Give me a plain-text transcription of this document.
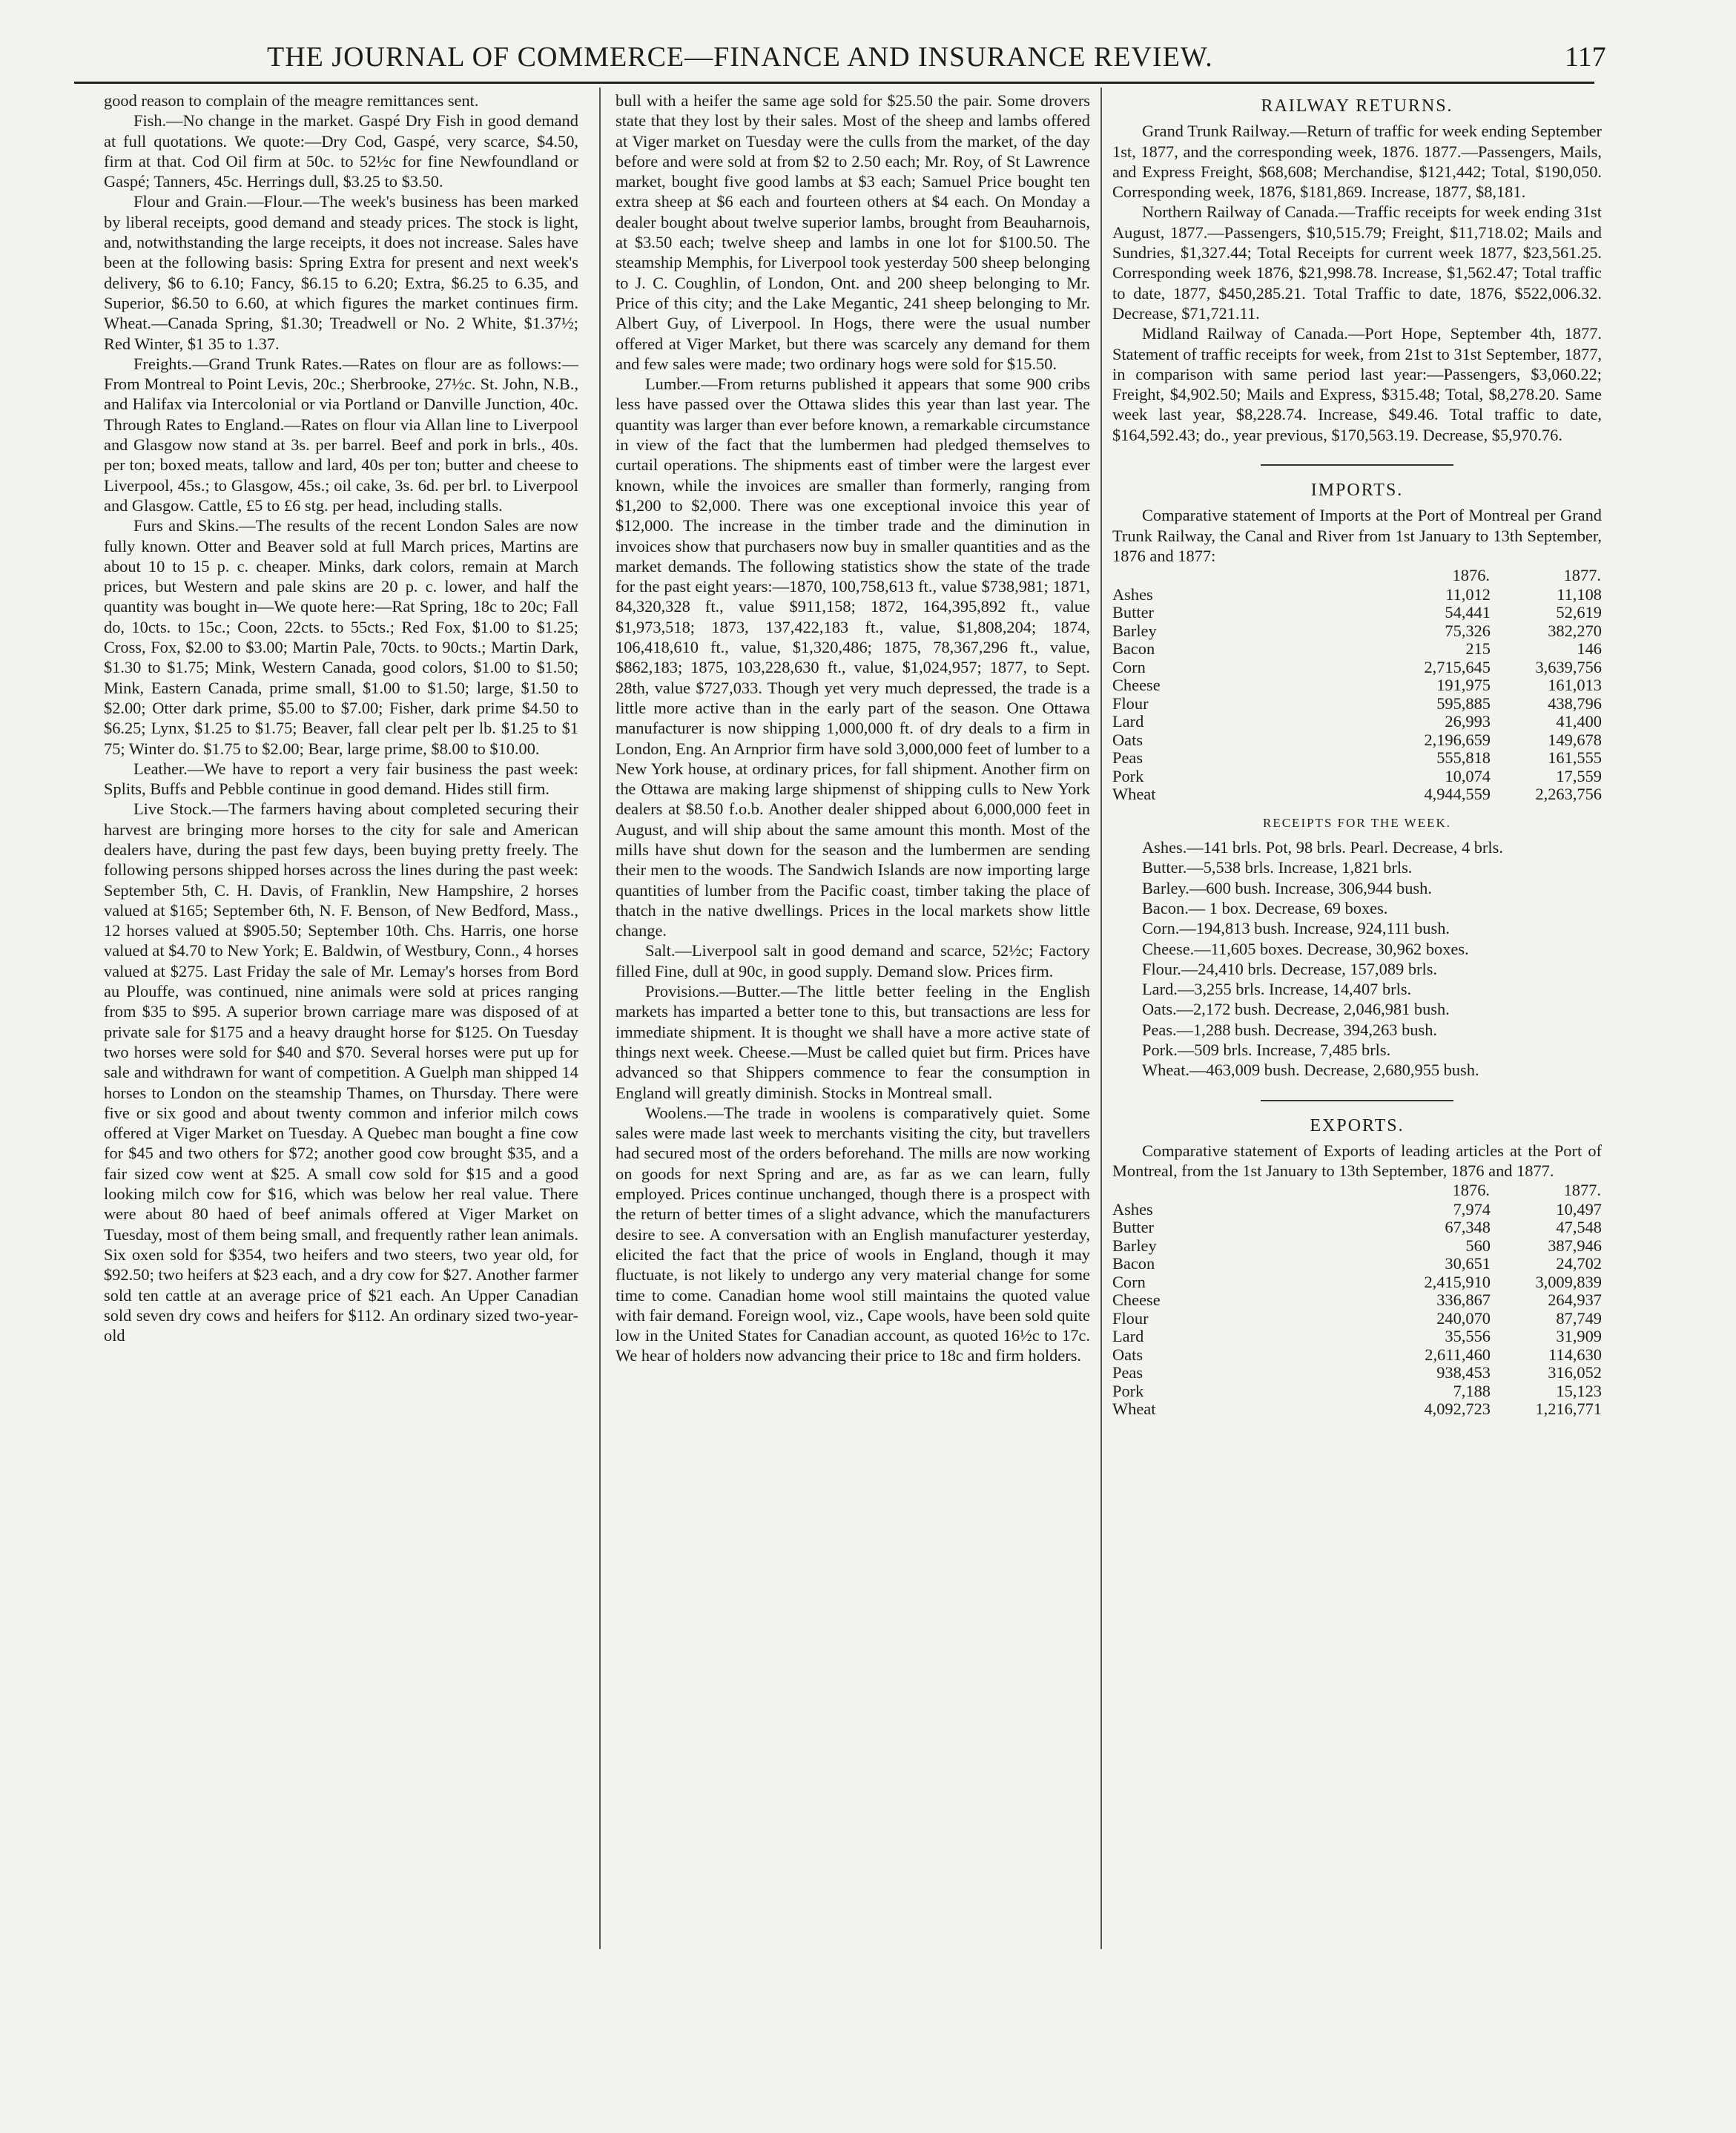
THE JOURNAL OF COMMERCE—FINANCE AND INSURANCE REVIEW.	117

good reason to complain of the meagre remittances sent.

Fish.—No change in the market. Gaspé Dry Fish in good demand at full quotations. We quote:—Dry Cod, Gaspé, very scarce, $4.50, firm at that. Cod Oil firm at 50c. to 52½c for fine Newfoundland or Gaspé; Tanners, 45c. Herrings dull, $3.25 to $3.50.

Flour and Grain.—Flour.—The week's business has been marked by liberal receipts, good demand and steady prices. The stock is light, and, notwithstanding the large receipts, it does not increase. Sales have been at the following basis: Spring Extra for present and next week's delivery, $6 to 6.10; Fancy, $6.15 to 6.20; Extra, $6.25 to 6.35, and Superior, $6.50 to 6.60, at which figures the market continues firm. Wheat.—Canada Spring, $1.30; Treadwell or No. 2 White, $1.37½; Red Winter, $1 35 to 1.37.

Freights.—Grand Trunk Rates.—Rates on flour are as follows:—From Montreal to Point Levis, 20c.; Sherbrooke, 27½c. St. John, N.B., and Halifax via Intercolonial or via Portland or Danville Junction, 40c. Through Rates to England.—Rates on flour via Allan line to Liverpool and Glasgow now stand at 3s. per barrel. Beef and pork in brls., 40s. per ton; boxed meats, tallow and lard, 40s per ton; butter and cheese to Liverpool, 45s.; to Glasgow, 45s.; oil cake, 3s. 6d. per brl. to Liverpool and Glasgow. Cattle, £5 to £6 stg. per head, including stalls.

Furs and Skins.—The results of the recent London Sales are now fully known. Otter and Beaver sold at full March prices, Martins are about 10 to 15 p. c. cheaper. Minks, dark colors, remain at March prices, but Western and pale skins are 20 p. c. lower, and half the quantity was bought in—We quote here:—Rat Spring, 18c to 20c; Fall do, 10cts. to 15c.; Coon, 22cts. to 55cts.; Red Fox, $1.00 to $1.25; Cross, Fox, $2.00 to $3.00; Martin Pale, 70cts. to 90cts.; Martin Dark, $1.30 to $1.75; Mink, Western Canada, good colors, $1.00 to $1.50; Mink, Eastern Canada, prime small, $1.00 to $1.50; large, $1.50 to $2.00; Otter dark prime, $5.00 to $7.00; Fisher, dark prime $4.50 to $6.25; Lynx, $1.25 to $1.75; Beaver, fall clear pelt per lb. $1.25 to $1 75; Winter do. $1.75 to $2.00; Bear, large prime, $8.00 to $10.00.

Leather.—We have to report a very fair business the past week: Splits, Buffs and Pebble continue in good demand. Hides still firm.

Live Stock.—The farmers having about completed securing their harvest are bringing more horses to the city for sale and American dealers have, during the past few days, been buying pretty freely. The following persons shipped horses across the lines during the past week: September 5th, C. H. Davis, of Franklin, New Hampshire, 2 horses valued at $165; September 6th, N. F. Benson, of New Bedford, Mass., 12 horses valued at $905.50; September 10th. Chs. Harris, one horse valued at $4.70 to New York; E. Baldwin, of Westbury, Conn., 4 horses valued at $275. Last Friday the sale of Mr. Lemay's horses from Bord au Plouffe, was continued, nine animals were sold at prices ranging from $35 to $95. A superior brown carriage mare was disposed of at private sale for $175 and a heavy draught horse for $125. On Tuesday two horses were sold for $40 and $70. Several horses were put up for sale and withdrawn for want of competition. A Guelph man shipped 14 horses to London on the steamship Thames, on Thursday. There were five or six good and about twenty common and inferior milch cows offered at Viger Market on Tuesday. A Quebec man bought a fine cow for $45 and two others for $72; another good cow brought $35, and a fair sized cow went at $25. A small cow sold for $15 and a good looking milch cow for $16, which was below her real value. There were about 80 haed of beef animals offered at Viger Market on Tuesday, most of them being small, and frequently rather lean animals. Six oxen sold for $354, two heifers and two steers, two year old, for $92.50; two heifers at $23 each, and a dry cow for $27. Another farmer sold ten cattle at an average price of $21 each. An Upper Canadian sold seven dry cows and heifers for $112. An ordinary sized two-year-old

bull with a heifer the same age sold for $25.50 the pair. Some drovers state that they lost by their sales. Most of the sheep and lambs offered at Viger market on Tuesday were the culls from the market, of the day before and were sold at from $2 to 2.50 each; Mr. Roy, of St Lawrence market, bought five good lambs at $3 each; Samuel Price bought ten extra sheep at $6 each and fourteen others at $4 each. On Monday a dealer bought about twelve superior lambs, brought from Beauharnois, at $3.50 each; twelve sheep and lambs in one lot for $100.50. The steamship Memphis, for Liverpool took yesterday 500 sheep belonging to J. C. Coughlin, of London, Ont. and 200 sheep belonging to Mr. Price of this city; and the Lake Megantic, 241 sheep belonging to Mr. Albert Guy, of Liverpool. In Hogs, there were the usual number offered at Viger Market, but there was scarcely any demand for them and few sales were made; two ordinary hogs were sold for $15.50.

Lumber.—From returns published it appears that some 900 cribs less have passed over the Ottawa slides this year than last year. The quantity was larger than ever before known, a remarkable circumstance in view of the fact that the lumbermen had pledged themselves to curtail operations. The shipments east of timber were the largest ever known, while the invoices are smaller than formerly, ranging from $1,200 to $2,000. There was one exceptional invoice this year of $12,000. The increase in the timber trade and the diminution in invoices show that purchasers now buy in smaller quantities and as the market demands. The following statistics show the state of the trade for the past eight years:—1870, 100,758,613 ft., value $738,981; 1871, 84,320,328 ft., value $911,158; 1872, 164,395,892 ft., value $1,973,518; 1873, 137,422,183 ft., value, $1,808,204; 1874, 106,418,610 ft., value, $1,320,486; 1875, 78,367,296 ft., value, $862,183; 1875, 103,228,630 ft., value, $1,024,957; 1877, to Sept. 28th, value $727,033. Though yet very much depressed, the trade is a little more active than in the early part of the season. One Ottawa manufacturer is now shipping 1,000,000 ft. of dry deals to a firm in London, Eng. An Arnprior firm have sold 3,000,000 feet of lumber to a New York house, at ordinary prices, for fall shipment. Another firm on the Ottawa are making large shipmenst of shipping culls to New York dealers at $8.50 f.o.b. Another dealer shipped about 6,000,000 feet in August, and will ship about the same amount this month. Most of the mills have shut down for the season and the lumbermen are sending their men to the woods. The Sandwich Islands are now importing large quantities of lumber from the Pacific coast, timber taking the place of thatch in the native dwellings. Prices in the local markets show little change.

Salt.—Liverpool salt in good demand and scarce, 52½c; Factory filled Fine, dull at 90c, in good supply. Demand slow. Prices firm.

Provisions.—Butter.—The little better feeling in the English markets has imparted a better tone to this, but transactions are less for immediate shipment. It is thought we shall have a more active state of things next week. Cheese.—Must be called quiet but firm. Prices have advanced so that Shippers commence to fear the consumption in England will greatly diminish. Stocks in Montreal small.

Woolens.—The trade in woolens is comparatively quiet. Some sales were made last week to merchants visiting the city, but travellers had secured most of the orders beforehand. The mills are now working on goods for next Spring and are, as far as we can learn, fully employed. Prices continue unchanged, though there is a prospect with the return of better times of a slight advance, which the manufacturers desire to see. A conversation with an English manufacturer yesterday, elicited the fact that the price of wools in England, though it may fluctuate, is not likely to undergo any very material change for some time to come. Canadian home wool still maintains the quoted value with fair demand. Foreign wool, viz., Cape wools, have been sold quite low in the United States for Canadian account, as quoted 16½c to 17c. We hear of holders now advancing their price to 18c and firm holders.

RAILWAY RETURNS.

Grand Trunk Railway.—Return of traffic for week ending September 1st, 1877, and the corresponding week, 1876. 1877.—Passengers, Mails, and Express Freight, $68,608; Merchandise, $121,442; Total, $190,050. Corresponding week, 1876, $181,869. Increase, 1877, $8,181.

Northern Railway of Canada.—Traffic receipts for week ending 31st August, 1877.—Passengers, $10,515.79; Freight, $11,718.02; Mails and Sundries, $1,327.44; Total Receipts for current week 1877, $23,561.25. Corresponding week 1876, $21,998.78. Increase, $1,562.47; Total traffic to date, 1877, $450,285.21. Total Traffic to date, 1876, $522,006.32. Decrease, $71,721.11.

Midland Railway of Canada.—Port Hope, September 4th, 1877. Statement of traffic receipts for week, from 21st to 31st September, 1877, in comparison with same period last year:—Passengers, $3,060.22; Freight, $4,902.50; Mails and Express, $315.48; Total, $8,278.20. Same week last year, $8,228.74. Increase, $49.46. Total traffic to date, $164,592.43; do., year previous, $170,563.19. Decrease, $5,970.76.

IMPORTS.

Comparative statement of Imports at the Port of Montreal per Grand Trunk Railway, the Canal and River from 1st January to 13th September, 1876 and 1877:

	1876.	1877.
Ashes	11,012	11,108
Butter	54,441	52,619
Barley	75,326	382,270
Bacon	215	146
Corn	2,715,645	3,639,756
Cheese	191,975	161,013
Flour	595,885	438,796
Lard	26,993	41,400
Oats	2,196,659	149,678
Peas	555,818	161,555
Pork	10,074	17,559
Wheat	4,944,559	2,263,756
RECEIPTS FOR THE WEEK.

Ashes.—141 brls. Pot, 98 brls. Pearl. Decrease, 4 brls.

Butter.—5,538 brls. Increase, 1,821 brls.

Barley.—600 bush. Increase, 306,944 bush.

Bacon.— 1 box. Decrease, 69 boxes.

Corn.—194,813 bush. Increase, 924,111 bush.

Cheese.—11,605 boxes. Decrease, 30,962 boxes.

Flour.—24,410 brls. Decrease, 157,089 brls.

Lard.—3,255 brls. Increase, 14,407 brls.

Oats.—2,172 bush. Decrease, 2,046,981 bush.

Peas.—1,288 bush. Decrease, 394,263 bush.

Pork.—509 brls. Increase, 7,485 brls.

Wheat.—463,009 bush. Decrease, 2,680,955 bush.

EXPORTS.

Comparative statement of Exports of leading articles at the Port of Montreal, from the 1st January to 13th September, 1876 and 1877.

	1876.	1877.
Ashes	7,974	10,497
Butter	67,348	47,548
Barley	560	387,946
Bacon	30,651	24,702
Corn	2,415,910	3,009,839
Cheese	336,867	264,937
Flour	240,070	87,749
Lard	35,556	31,909
Oats	2,611,460	114,630
Peas	938,453	316,052
Pork	7,188	15,123
Wheat	4,092,723	1,216,771
